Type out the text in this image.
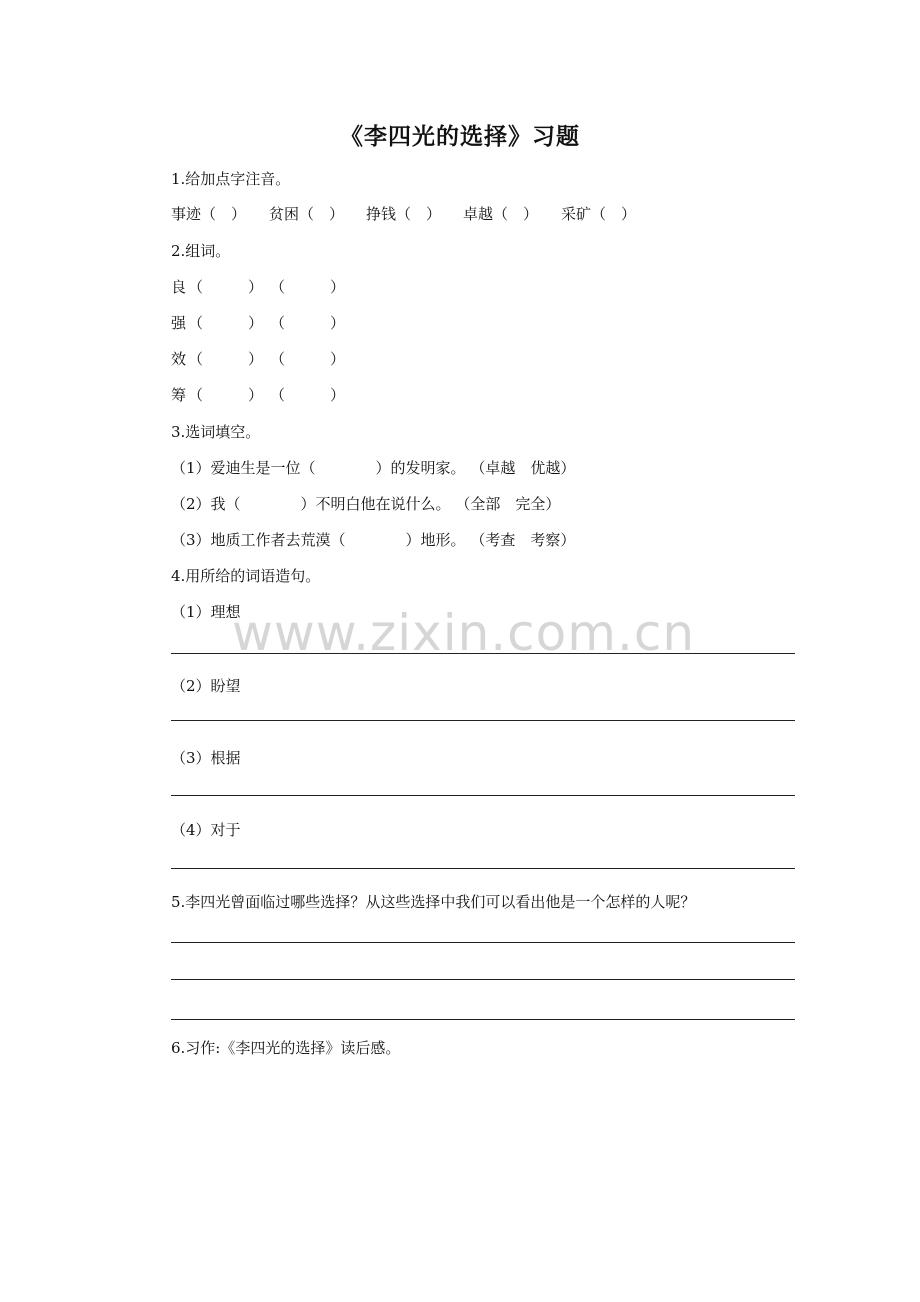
www.zixin.com.cn
《李四光的选择》习题
1.给加点字注音。
事迹（　） 贫困（　） 挣钱（　） 卓越（　） 采矿（　）
2.组词。
良 （　　　） （　　　）
强 （　　　） （　　　）
效 （　　　） （　　　）
筹 （　　　） （　　　）
3.选词填空。
（1）爱迪生是一位（　　　　）的发明家。 （卓越　优越）
（2）我（　　　　）不明白他在说什么。 （全部　完全）
（3）地质工作者去荒漠（　　　　）地形。 （考查　考察）
4.用所给的词语造句。
（1）理想
（2）盼望
（3）根据
（4）对于
5.李四光曾面临过哪些选择？从这些选择中我们可以看出他是一个怎样的人呢？
6.习作:《李四光的选择》读后感。
